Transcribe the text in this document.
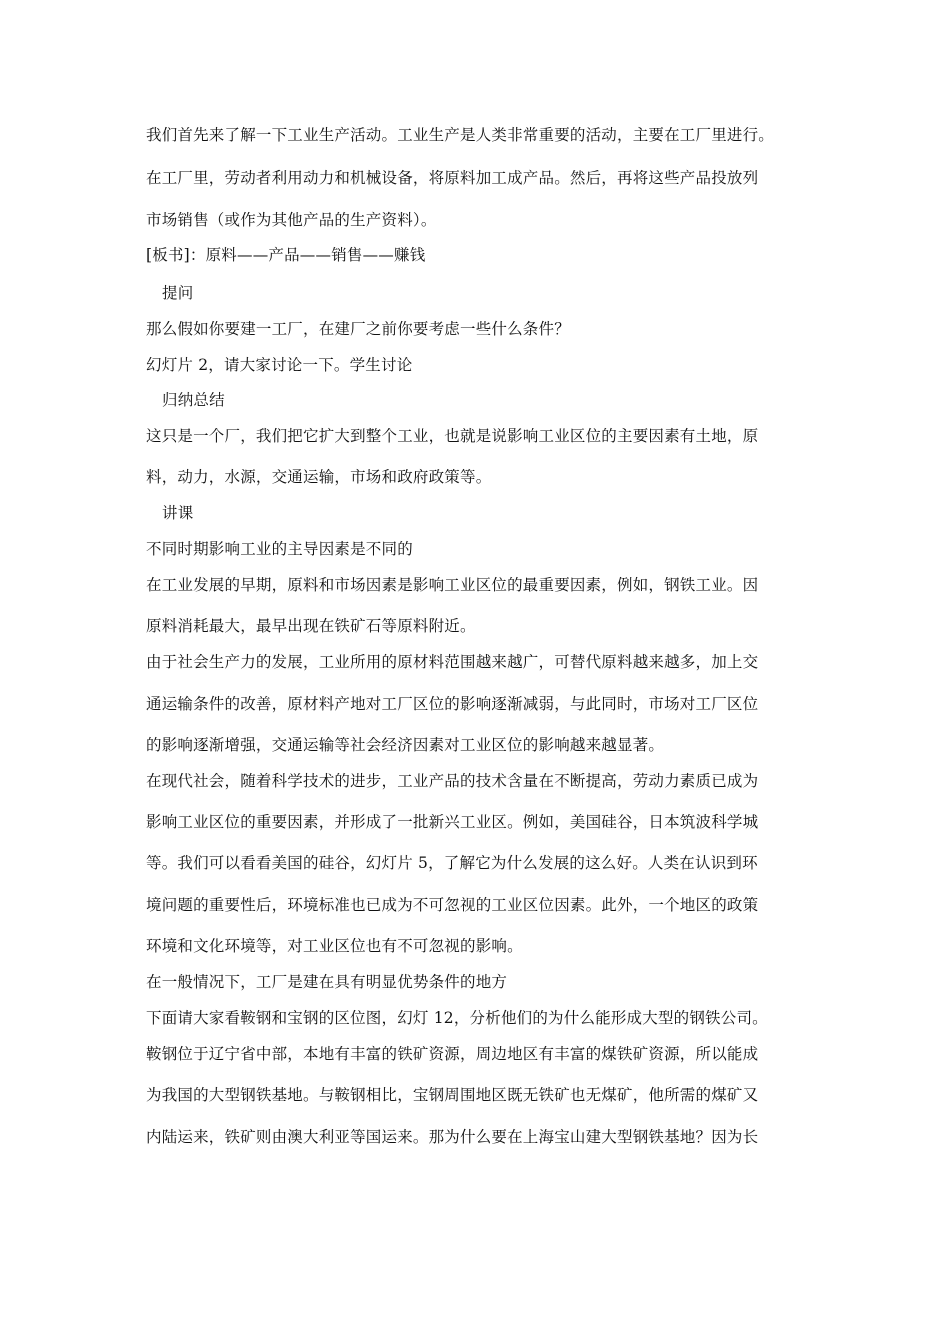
我们首先来了解一下工业生产活动。工业生产是人类非常重要的活动，主要在工厂里进行。
在工厂里，劳动者利用动力和机械设备，将原料加工成产品。然后，再将这些产品投放列
市场销售（或作为其他产品的生产资料）。
[板书]：原料——产品——销售——赚钱
提问
那么假如你要建一工厂，在建厂之前你要考虑一些什么条件？
幻灯片 2，请大家讨论一下。学生讨论
归纳总结
这只是一个厂，我们把它扩大到整个工业，也就是说影响工业区位的主要因素有土地，原
料，动力，水源，交通运输，市场和政府政策等。
讲课
不同时期影响工业的主导因素是不同的
在工业发展的早期，原料和市场因素是影响工业区位的最重要因素，例如，钢铁工业。因
原料消耗最大，最早出现在铁矿石等原料附近。
由于社会生产力的发展，工业所用的原材料范围越来越广，可替代原料越来越多，加上交
通运输条件的改善，原材料产地对工厂区位的影响逐渐减弱，与此同时，市场对工厂区位
的影响逐渐增强，交通运输等社会经济因素对工业区位的影响越来越显著。
在现代社会，随着科学技术的进步，工业产品的技术含量在不断提高，劳动力素质已成为
影响工业区位的重要因素，并形成了一批新兴工业区。例如，美国硅谷，日本筑波科学城
等。我们可以看看美国的硅谷，幻灯片 5，了解它为什么发展的这么好。人类在认识到环
境问题的重要性后，环境标准也已成为不可忽视的工业区位因素。此外，一个地区的政策
环境和文化环境等，对工业区位也有不可忽视的影响。
在一般情况下，工厂是建在具有明显优势条件的地方
下面请大家看鞍钢和宝钢的区位图，幻灯 12，分析他们的为什么能形成大型的钢铁公司。
鞍钢位于辽宁省中部，本地有丰富的铁矿资源，周边地区有丰富的煤铁矿资源，所以能成
为我国的大型钢铁基地。与鞍钢相比，宝钢周围地区既无铁矿也无煤矿，他所需的煤矿又
内陆运来，铁矿则由澳大利亚等国运来。那为什么要在上海宝山建大型钢铁基地？因为长
